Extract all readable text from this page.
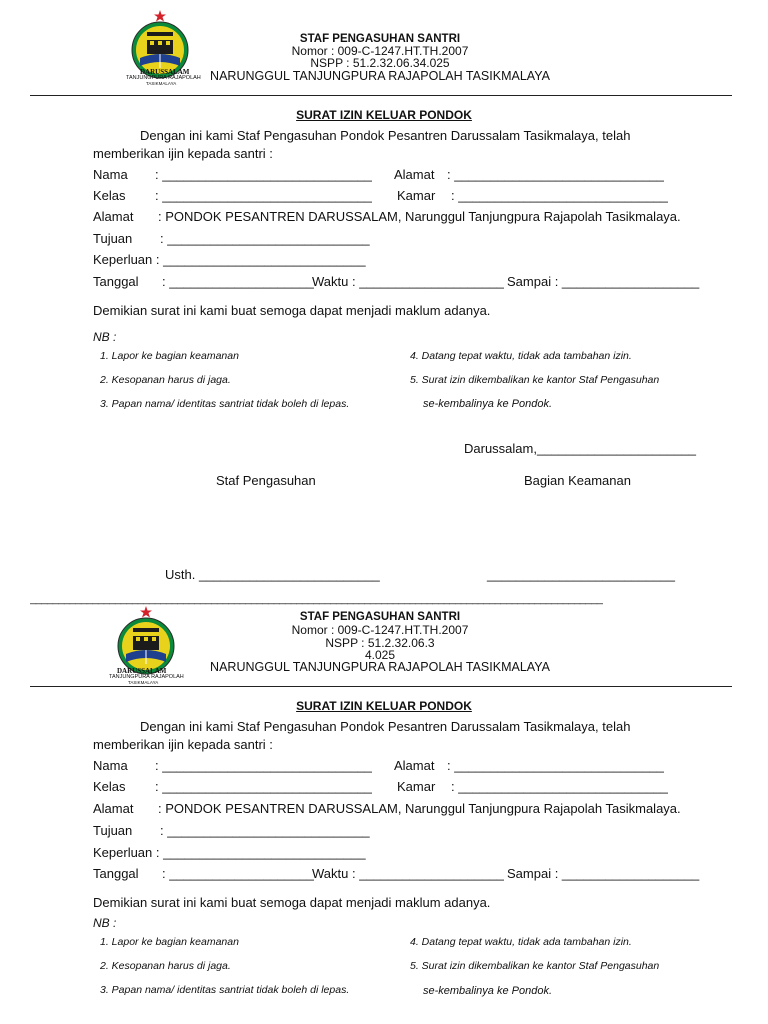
DARUSSALAM
TANJUNGPURA RAJAPOLAH
TASIKMALAYA
STAF PENGASUHAN SANTRI
Nomor : 009-C-1247.HT.TH.2007
NSPP : 51.2.32.06.34.025
NARUNGGUL TANJUNGPURA RAJAPOLAH TASIKMALAYA
SURAT IZIN KELUAR PONDOK
Dengan ini kami Staf Pengasuhan Pondok Pesantren Darussalam Tasikmalaya, telah
memberikan ijin kepada santri :
Nama : _____________________________ Alamat : _____________________________
Kelas : _____________________________ Kamar : _____________________________
Alamat : PONDOK PESANTREN DARUSSALAM, Narunggul Tanjungpura Rajapolah Tasikmalaya.
Tujuan : ____________________________
Keperluan : ____________________________
Tanggal : ____________________
Waktu : ____________________ Sampai : ___________________
Demikian surat ini kami buat semoga dapat menjadi maklum adanya.
NB :
1. Lapor ke bagian keamanan	4. Datang tepat waktu, tidak ada tambahan izin.
2. Kesopanan harus di jaga.	5. Surat izin dikembalikan ke kantor Staf Pengasuhan
3. Papan nama/ identitas santriat tidak boleh di lepas.	se-kembalinya ke Pondok.
Darussalam,______________________
Staf Pengasuhan	Bagian Keamanan
Usth. _________________________	__________________________
_____________________________________________________________________________________________________
DARUSSALAM
TANJUNGPURA RAJAPOLAH
TASIKMALAYA
STAF PENGASUHAN SANTRI
Nomor : 009-C-1247.HT.TH.2007
NSPP : 51.2.32.06.3
4.025
NARUNGGUL TANJUNGPURA RAJAPOLAH TASIKMALAYA
SURAT IZIN KELUAR PONDOK
Dengan ini kami Staf Pengasuhan Pondok Pesantren Darussalam Tasikmalaya, telah
memberikan ijin kepada santri :
Nama : _____________________________ Alamat : _____________________________
Kelas : _____________________________ Kamar : _____________________________
Alamat : PONDOK PESANTREN DARUSSALAM, Narunggul Tanjungpura Rajapolah Tasikmalaya.
Tujuan : ____________________________
Keperluan : ____________________________
Tanggal : ____________________
Waktu : ____________________ Sampai : ___________________
Demikian surat ini kami buat semoga dapat menjadi maklum adanya.
NB :
1. Lapor ke bagian keamanan	4. Datang tepat waktu, tidak ada tambahan izin.
2. Kesopanan harus di jaga.	5. Surat izin dikembalikan ke kantor Staf Pengasuhan
3. Papan nama/ identitas santriat tidak boleh di lepas.	se-kembalinya ke Pondok.
